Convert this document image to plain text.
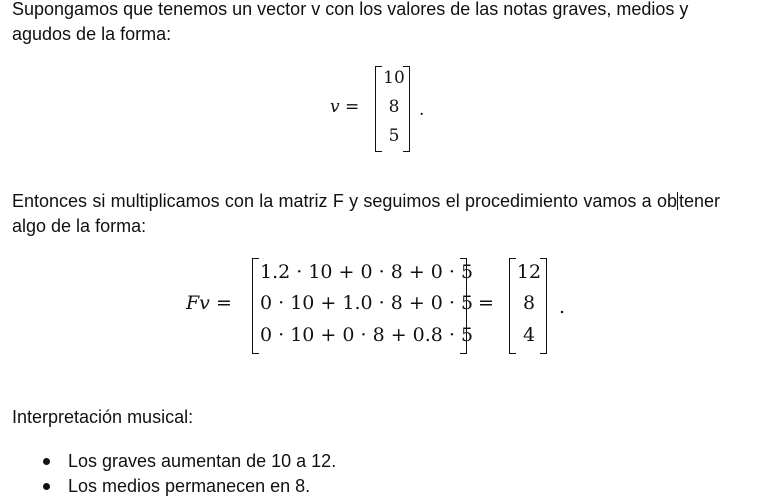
Supongamos que tenemos un vector v con los valores de las notas graves, medios y
agudos de la forma:
v =
10
8
5
.
Entonces si multiplicamos con la matriz F y seguimos el procedimiento vamos a ob tener algo de la forma:
Fv =
1.2 · 10 + 0 · 8 + 0 · 5
0 · 10 + 1.0 · 8 + 0 · 5
0 · 10 + 0 · 8 + 0.8 · 5
=
12
8
4
.
Interpretación musical:
Los graves aumentan de 10 a 12.
Los medios permanecen en 8.
